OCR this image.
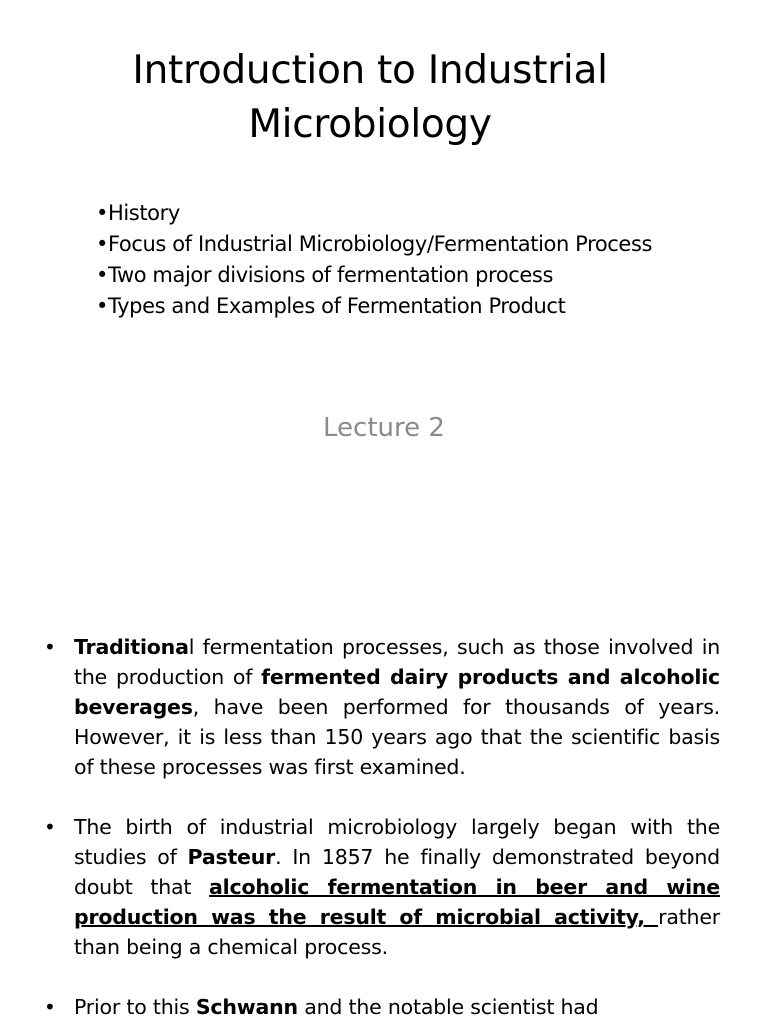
Introduction to Industrial
Microbiology
•History
•Focus of Industrial Microbiology/Fermentation Process
•Two major divisions of fermentation process
•Types and Examples of Fermentation Product
Lecture 2
• Traditional fermentation processes, such as those involved in the production of fermented dairy products and alcoholic beverages, have been performed for thousands of years. However, it is less than 150 years ago that the scientific basis of these processes was first examined.
• The birth of industrial microbiology largely began with the studies of Pasteur. In 1857 he finally demonstrated beyond doubt that alcoholic fermentation in beer and wine production was the result of microbial activity, rather than being a chemical process.
• Prior to this Schwann and the notable scientist had
